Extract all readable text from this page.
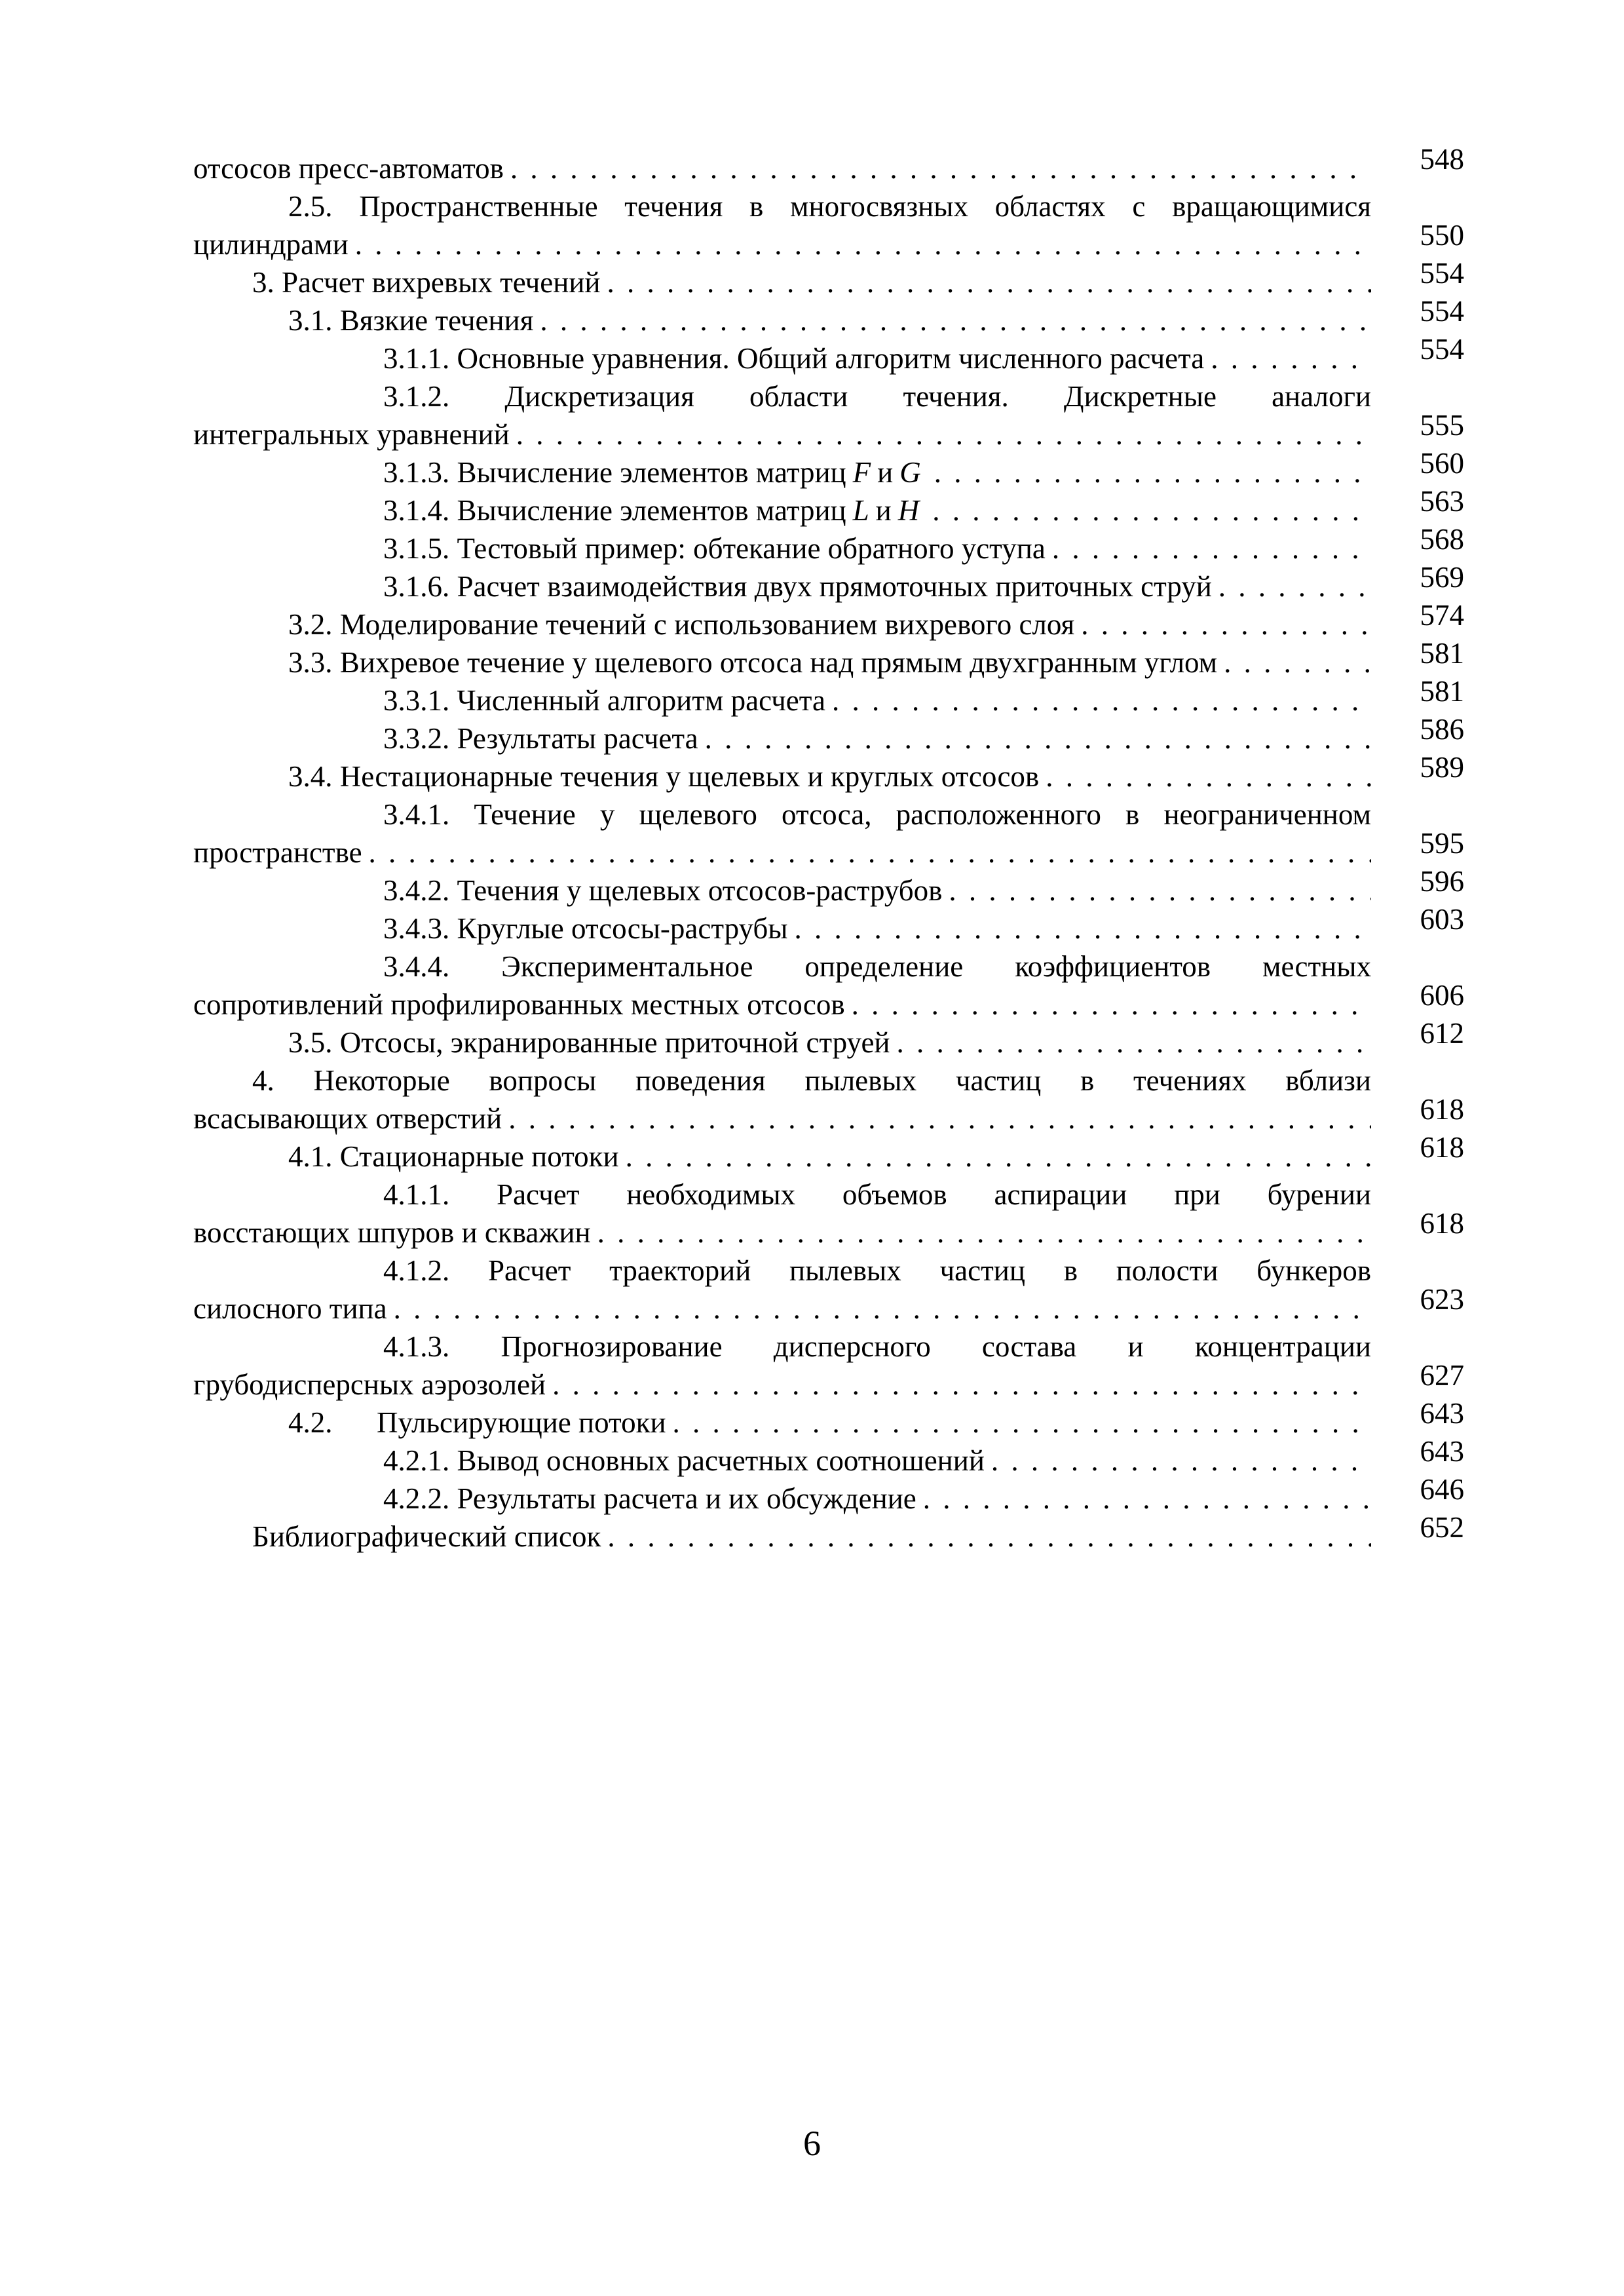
отсосов пресс-автоматов . . .	548
2.5. Пространственные течения в многосвязных областях с вращающимися
цилиндрами . . .	550
3. Расчет вихревых течений . . .	554
3.1. Вязкие течения . . .	554
3.1.1. Основные уравнения. Общий алгоритм численного расчета . . .	554
3.1.2. Дискретизация области течения. Дискретные аналоги
интегральных уравнений . . .	555
3.1.3. Вычисление элементов матриц F и G . . .	560
3.1.4. Вычисление элементов матриц L и H . . .	563
3.1.5. Тестовый пример: обтекание обратного уступа . . .	568
3.1.6. Расчет взаимодействия двух прямоточных приточных струй . . .	569
3.2. Моделирование течений с использованием вихревого слоя . . .	574
3.3. Вихревое течение у щелевого отсоса над прямым двухгранным углом . . .	581
3.3.1. Численный алгоритм расчета . . .	581
3.3.2. Результаты расчета . . .	586
3.4. Нестационарные течения у щелевых и круглых отсосов . . .	589
3.4.1. Течение у щелевого отсоса, расположенного в неограниченном
пространстве . . .	595
3.4.2. Течения у щелевых отсосов-раструбов . . .	596
3.4.3. Круглые отсосы-раструбы . . .	603
3.4.4. Экспериментальное определение коэффициентов местных
сопротивлений профилированных местных отсосов . . .	606
3.5. Отсосы, экранированные приточной струей . . .	612
4. Некоторые вопросы поведения пылевых частиц в течениях вблизи
всасывающих отверстий . . .	618
4.1. Стационарные потоки . . .	618
4.1.1. Расчет необходимых объемов аспирации при бурении
восстающих шпуров и скважин . . .	618
4.1.2. Расчет траекторий пылевых частиц в полости бункеров
силосного типа . . .	623
4.1.3. Прогнозирование дисперсного состава и концентрации
грубодисперсных аэрозолей . . .	627
4.2.      Пульсирующие потоки . . .	643
4.2.1. Вывод основных расчетных соотношений . . .	643
4.2.2. Результаты расчета и их обсуждение . . .	646
Библиографический список . . .	652
6
